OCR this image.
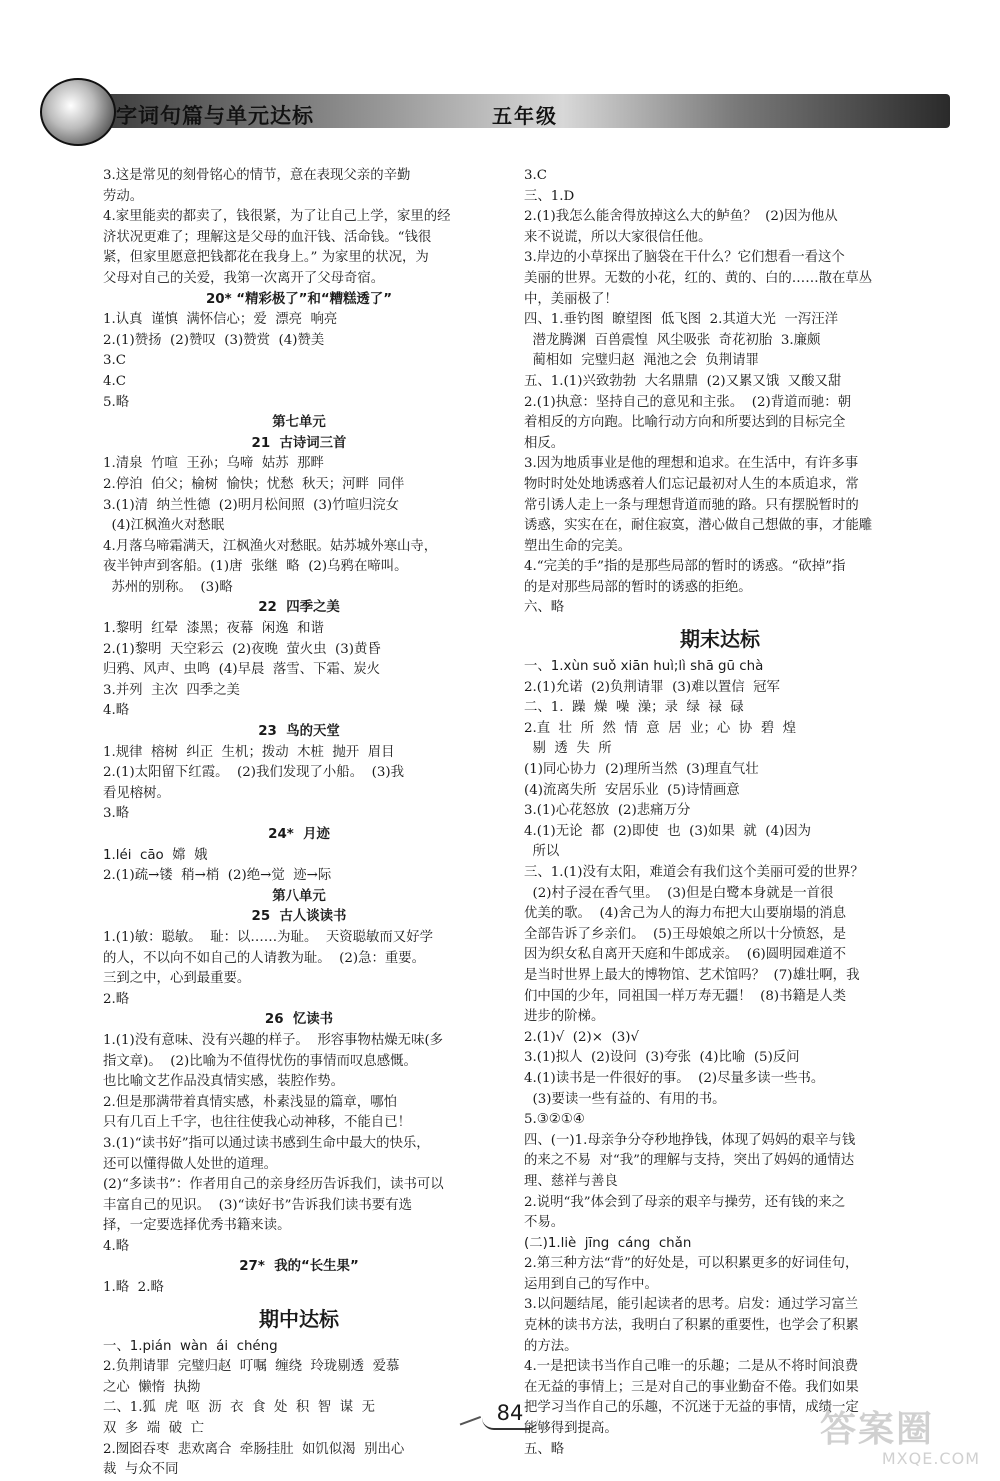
字词句篇与单元达标	五年级
3.这是常见的刻骨铭心的情节，意在表现父亲的辛勤
劳动。
4.家里能卖的都卖了，钱很紧，为了让自己上学，家里的经
济状况更难了；理解这是父母的血汗钱、活命钱。“钱很
紧，但家里愿意把钱都花在我身上。” 为家里的状况，为
父母对自己的关爱，我第一次离开了父母奇宿。
20* “精彩极了”和“糟糕透了”
1.认真  谨慎  满怀信心；爱  漂亮  响亮
2.(1)赞扬  (2)赞叹  (3)赞赏  (4)赞美
3.C
4.C
5.略
第七单元
21  古诗词三首
1.清泉  竹喧  王孙；乌啼  姑苏  那畔
2.停泊  伯父；榆树  愉快；忧愁  秋天；河畔  同伴
3.(1)清  纳兰性德  (2)明月松间照  (3)竹喧归浣女
(4)江枫渔火对愁眠
4.月落乌啼霜满天，江枫渔火对愁眠。姑苏城外寒山寺，
夜半钟声到客船。(1)唐  张继  略  (2)乌鸦在啼叫。
苏州的别称。  (3)略
22  四季之美
1.黎明  红晕  漆黑；夜幕  闲逸  和谐
2.(1)黎明  天空彩云  (2)夜晚  萤火虫  (3)黄昏
归鸦、风声、虫鸣  (4)早晨  落雪、下霜、炭火
3.并列  主次  四季之美
4.略
23  鸟的天堂
1.规律  榕树  纠正  生机；拨动  木桩  抛开  眉目
2.(1)太阳留下红霞。  (2)我们发现了小船。  (3)我
看见榕树。
3.略
24*  月迹
1.léi  cāo  嫦  娥
2.(1)疏→镂  稍→梢  (2)绝→觉  迹→际
第八单元
25  古人谈读书
1.(1)敏：聪敏。  耻：以……为耻。  天资聪敏而又好学
的人，不以向不如自己的人请教为耻。  (2)急：重要。
三到之中，心到最重要。
2.略
26  忆读书
1.(1)没有意味、没有兴趣的样子。  形容事物枯燥无味(多
指文章)。  (2)比喻为不值得忧伤的事情而叹息感慨。
也比喻文艺作品没真情实感，装腔作势。
2.但是那满带着真情实感，朴素浅显的篇章，哪怕
只有几百上千字，也往往使我心动神移，不能自已！
3.(1)“读书好”指可以通过读书感到生命中最大的快乐，
还可以懂得做人处世的道理。
(2)“多读书”：作者用自己的亲身经历告诉我们，读书可以
丰富自己的见识。  (3)“读好书”告诉我们读书要有选
择，一定要选择优秀书籍来读。
4.略
27*  我的“长生果”
1.略  2.略
期中达标
一、1.pián  wàn  ái  chéng
2.负荆请罪  完璧归赵  叮嘱  缠绕  玲珑剔透  爱慕
之心  懒惰  执拗
二、1.狐  虎  呕  沥  衣  食  处  积  智  谋  无
双  多  端  破  亡
2.囫囵吞枣  悲欢离合  牵肠挂肚  如饥似渴  别出心
裁  与众不同
3.C
三、1.D
2.(1)我怎么能舍得放掉这么大的鲈鱼？  (2)因为他从
来不说谎，所以大家很信任他。
3.岸边的小草探出了脑袋在干什么？它们想看一看这个
美丽的世界。无数的小花，红的、黄的、白的……散在草丛
中，美丽极了！
四、1.垂钓图  瞭望图  低飞图  2.其道大光  一泻汪洋
潜龙腾渊  百兽震惶  风尘吸张  奇花初胎  3.廉颇
蔺相如  完璧归赵  渑池之会  负荆请罪
五、1.(1)兴致勃勃  大名鼎鼎  (2)又累又饿  又酸又甜
2.(1)执意：坚持自己的意见和主张。  (2)背道而驰：朝
着相反的方向跑。比喻行动方向和所要达到的目标完全
相反。
3.因为地质事业是他的理想和追求。在生活中，有许多事
物时时处处地诱惑着人们忘记最初对人生的本质追求，常
常引诱人走上一条与理想背道而驰的路。只有摆脱暂时的
诱惑，实实在在，耐住寂寞，潜心做自己想做的事，才能雕
塑出生命的完美。
4.“完美的手”指的是那些局部的暂时的诱惑。“砍掉”指
的是对那些局部的暂时的诱惑的拒绝。
六、略
期末达标
一、1.xùn suǒ xiān huì;lì shā gū chà
2.(1)允诺  (2)负荆请罪  (3)难以置信  冠军
二、1.  躁  燥  噪  澡；录  绿  禄  碌
2.直  壮  所  然  情  意  居  业；心  协  碧  煌
剔  透  失  所
(1)同心协力  (2)理所当然  (3)理直气壮
(4)流离失所  安居乐业  (5)诗情画意
3.(1)心花怒放  (2)悲痛万分
4.(1)无论  都  (2)即使  也  (3)如果  就  (4)因为
所以
三、1.(1)没有太阳，难道会有我们这个美丽可爱的世界？
(2)村子浸在香气里。  (3)但是白鹭本身就是一首很
优美的歌。  (4)舍己为人的海力布把大山要崩塌的消息
全部告诉了乡亲们。  (5)王母娘娘之所以十分愤怒，是
因为织女私自离开天庭和牛郎成亲。  (6)圆明园难道不
是当时世界上最大的博物馆、艺术馆吗？  (7)雄壮啊，我
们中国的少年，同祖国一样万寿无疆！  (8)书籍是人类
进步的阶梯。
2.(1)√  (2)×  (3)√
3.(1)拟人  (2)设问  (3)夸张  (4)比喻  (5)反问
4.(1)读书是一件很好的事。  (2)尽量多读一些书。
(3)要读一些有益的、有用的书。
5.③②①④
四、(一)1.母亲争分夺秒地挣钱，体现了妈妈的艰辛与钱
的来之不易  对“我”的理解与支持，突出了妈妈的通情达
理、慈祥与善良
2.说明“我”体会到了母亲的艰辛与操劳，还有钱的来之
不易。
(二)1.liè  jīng  cáng  chǎn
2.第三种方法“背”的好处是，可以积累更多的好词佳句，
运用到自己的写作中。
3.以问题结尾，能引起读者的思考。启发：通过学习富兰
克林的读书方法，我明白了积累的重要性，也学会了积累
的方法。
4.一是把读书当作自己唯一的乐趣；二是从不将时间浪费
在无益的事情上；三是对自己的事业勤奋不倦。我们如果
把学习当作自己的乐趣，不沉迷于无益的事情，成绩一定
能够得到提高。
五、略
84	答案圈
MXQE.COM
